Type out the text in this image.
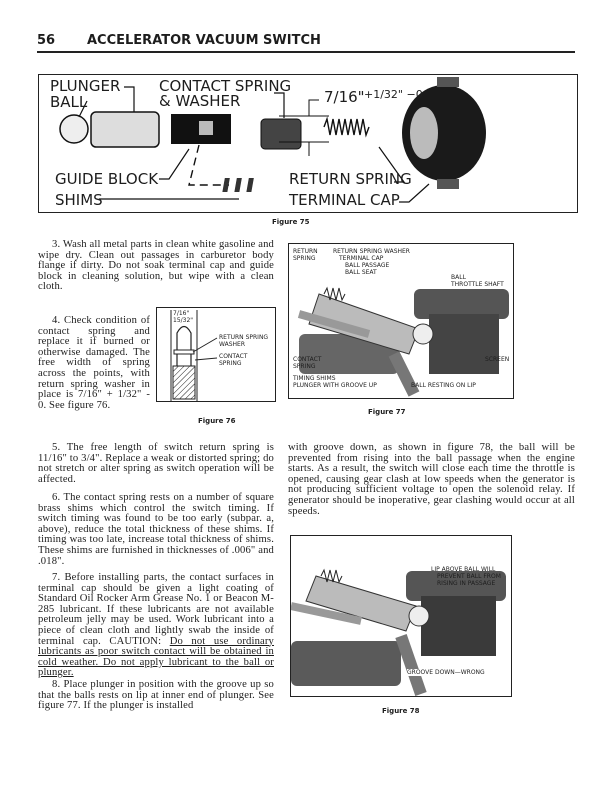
56 ACCELERATOR VACUUM SWITCH
PLUNGER
BALL
CONTACT SPRING
& WASHER	7/16" +1/32" −0
GUIDE BLOCK
SHIMS
RETURN SPRING
TERMINAL CAP
Figure 75

3. Wash all metal parts in clean white gasoline and wipe dry. Clean out passages in carburetor body flange if dirty. Do not soak terminal cap and guide block in cleaning solution, but wipe with a clean cloth.

4. Check condition of contact spring and replace it if burned or otherwise damaged. The free width of spring across the points, with return spring washer in place is 7/16" + 1/32" - 0. See figure 76.

7/16"
15/32"
RETURN SPRING
WASHER
CONTACT
SPRING
Figure 76

5. The free length of switch return spring is 11/16" to 3/4". Replace a weak or distorted spring; do not stretch or alter spring as switch operation will be affected.

6. The contact spring rests on a number of square brass shims which control the switch timing. If switch timing was found to be too early (subpar. a, above), reduce the total thickness of these shims. If timing was too late, increase total thickness of shims. These shims are furnished in thicknesses of .006" and .018".

7. Before installing parts, the contact surfaces in terminal cap should be given a light coating of Standard Oil Rocker Arm Grease No. 1 or Beacon M-285 lubricant. If these lubricants are not available petroleum jelly may be used. Work lubricant into a piece of clean cloth and lightly swab the inside of terminal cap. CAUTION: Do not use ordinary lubricants as poor switch contact will be obtained in cold weather. Do not apply lubricant to the ball or plunger.

8. Place plunger in position with the groove up so that the balls rests on lip at inner end of plunger. See figure 77. If the plunger is installed

RETURN
SPRING
RETURN SPRING WASHER
TERMINAL CAP
BALL PASSAGE
BALL SEAT
BALL
THROTTLE SHAFT
CONTACT
SPRING
SCREEN
TIMING SHIMS
PLUNGER WITH GROOVE UP	BALL RESTING ON LIP
Figure 77

with groove down, as shown in figure 78, the ball will be prevented from rising into the ball passage when the engine starts. As a result, the switch will close each time the throttle is opened, causing gear clash at low speeds when the generator is not producing sufficient voltage to open the solenoid relay. If generator should be inoperative, gear clashing would occur at all speeds.

LIP ABOVE BALL WILL
PREVENT BALL FROM
RISING IN PASSAGE
GROOVE DOWN—WRONG
Figure 78
